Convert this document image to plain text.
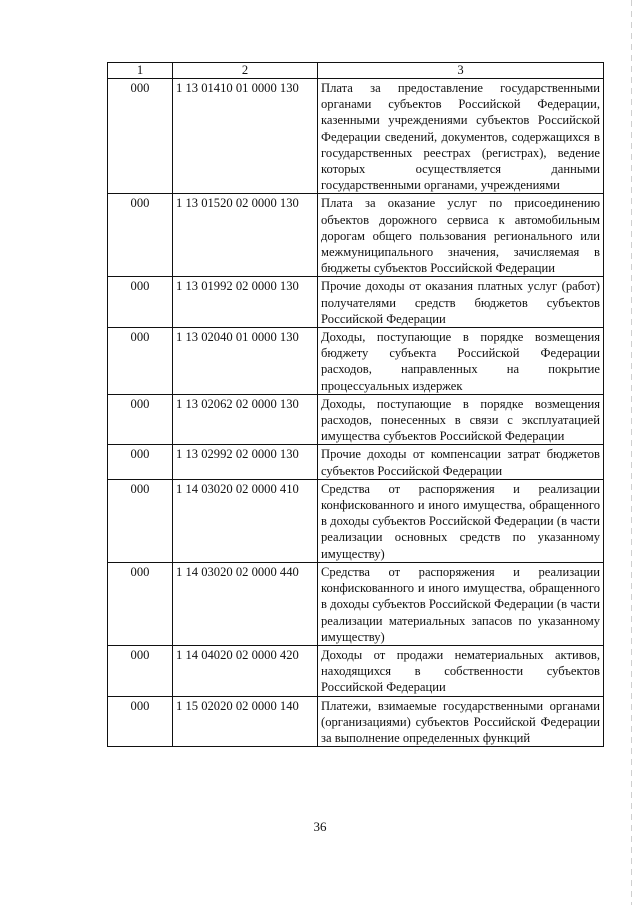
1	2	3
000	1 13 01410 01 0000 130	Плата за предоставление государственными органами субъектов Российской Федерации, казенными учреждениями субъектов Российской Федерации сведений, документов, содержащихся в государственных реестрах (регистрах), ведение которых осуществляется данными государственными органами, учреждениями
000	1 13 01520 02 0000 130	Плата за оказание услуг по присоединению объектов дорожного сервиса к автомобильным дорогам общего пользования регионального или межмуниципального значения, зачисляемая в бюджеты субъектов Российской Федерации
000	1 13 01992 02 0000 130	Прочие доходы от оказания платных услуг (работ) получателями средств бюджетов субъектов Российской Федерации
000	1 13 02040 01 0000 130	Доходы, поступающие в порядке возмещения бюджету субъекта Российской Федерации расходов, направленных на покрытие процессуальных издержек
000	1 13 02062 02 0000 130	Доходы, поступающие в порядке возмещения расходов, понесенных в связи с эксплуатацией имущества субъектов Российской Федерации
000	1 13 02992 02 0000 130	Прочие доходы от компенсации затрат бюджетов субъектов Российской Федерации
000	1 14 03020 02 0000 410	Средства от распоряжения и реализации конфискованного и иного имущества, обращенного в доходы субъектов Российской Федерации (в части реализации основных средств по указанному имуществу)
000	1 14 03020 02 0000 440	Средства от распоряжения и реализации конфискованного и иного имущества, обращенного в доходы субъектов Российской Федерации (в части реализации материальных запасов по указанному имуществу)
000	1 14 04020 02 0000 420	Доходы от продажи нематериальных активов, находящихся в собственности субъектов Российской Федерации
000	1 15 02020 02 0000 140	Платежи, взимаемые государственными органами (организациями) субъектов Российской Федерации за выполнение определенных функций
36
